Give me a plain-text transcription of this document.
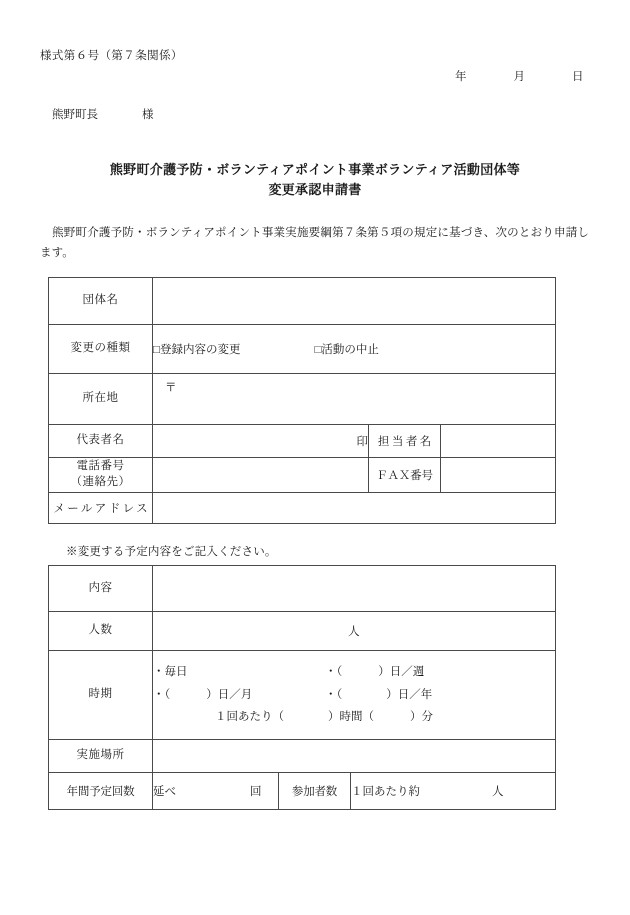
様式第６号（第７条関係）
年	月	日
熊野町長	様
熊野町介護予防・ボランティアポイント事業ボランティア活動団体等
変更承認申請書
熊野町介護予防・ボランティアポイント事業実施要綱第７条第５項の規定に基づき、次のとおり申請します。
団体名			
変更の種類	□登録内容の変更 □活動の中止		
所在地	〒		

代表者名	印	担 当 者 名	

電話番号
（連絡先）		ＦＡＸ番号	
メールアドレス			
※変更する予定内容をご記入ください。
内容			
人数	人		
時期	・毎日 ・（ ）日／週
・（ ）日／月 ・（ ）日／年
１回あたり（ ）時間（ ）分		

実施場所			
年間予定回数	延べ 回	参加者数	１回あたり約 人
